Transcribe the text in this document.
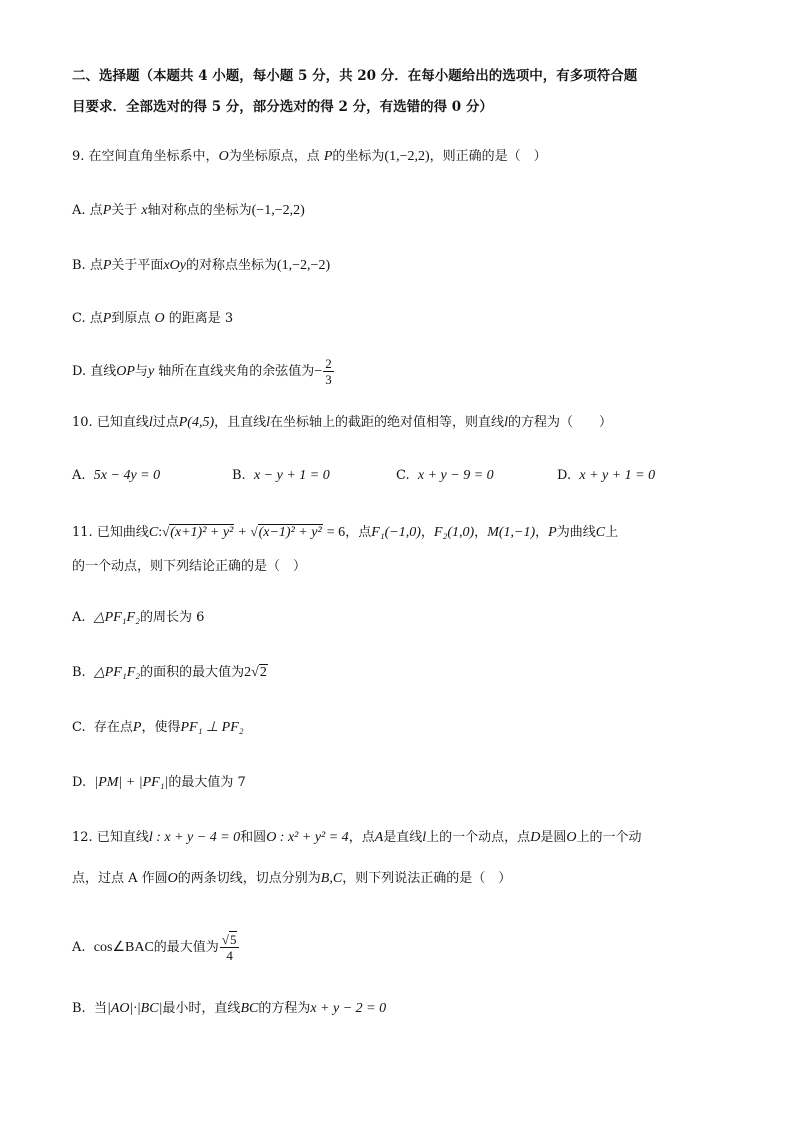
二、选择题（本题共 4 小题，每小题 5 分，共 20 分．在每小题给出的选项中，有多项符合题
目要求．全部选对的得 5 分，部分选对的得 2 分，有选错的得 0 分）
9. 在空间直角坐标系中，O为坐标原点，点 P的坐标为(1,−2,2)，则正确的是（　）
A. 点P关于 x轴对称点的坐标为(−1,−2,2)
B. 点P关于平面xOy的对称点坐标为(1,−2,−2)
C. 点P到原点 O 的距离是 3
D. 直线OP与y 轴所在直线夹角的余弦值为− $\frac{2}{3}$
10. 已知直线l过点P(4,5)，且直线l在坐标轴上的截距的绝对值相等，则直线l的方程为（　　）
A. 5x − 4y = 0	B. x − y + 1 = 0	C. x + y − 9 = 0	D. x + y + 1 = 0
11. 已知曲线C:√(x+1)² + y² + √(x−1)² + y² = 6，点F₁(−1,0)，F₂(1,0)，M(1,−1)，P为曲线C上
的一个动点，则下列结论正确的是（　）
A. △PF₁F₂的周长为 6
B. △PF₁F₂的面积的最大值为2√2
C. 存在点P，使得PF₁ ⊥ PF₂
D. |PM| + |PF₁|的最大值为 7
12. 已知直线l : x + y − 4 = 0和圆O : x² + y² = 4，点A是直线l上的一个动点，点D是圆O上的一个动
点，过点 A 作圆O的两条切线，切点分别为B,C，则下列说法正确的是（　）
A. cos∠BAC的最大值为 $\frac{√5}{4}$
B. 当|AO|·|BC|最小时，直线BC的方程为x + y − 2 = 0
